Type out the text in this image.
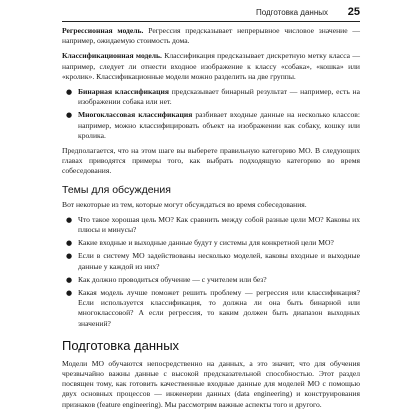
Подготовка данных 25

Регрессионная модель. Регрессия предсказывает непрерывное числовое значение — например, ожидаемую стоимость дома.

Классификационная модель. Классификация предсказывает дискретную метку класса — например, следует ли отнести входное изображение к классу «собака», «кошка» или «кролик». Классификационные модели можно разделить на две группы.

● Бинарная классификация предсказывает бинарный результат — например, есть на изображении собака или нет.
● Многоклассовая классификация разбивает входные данные на несколько классов: например, можно классифицировать объект на изображении как собаку, кошку или кролика.

Предполагается, что на этом шаге вы выберете правильную категорию МО. В следующих главах приводятся примеры того, как выбрать подходящую категорию во время собеседования.

Темы для обсуждения

Вот некоторые из тем, которые могут обсуждаться во время собеседования.

● Что такое хорошая цель МО? Как сравнить между собой разные цели МО? Каковы их плюсы и минусы?
● Какие входные и выходные данные будут у системы для конкретной цели МО?
● Если в систему МО задействованы несколько моделей, каковы входные и выходные данные у каждой из них?
● Как должно проводиться обучение — с учителем или без?
● Какая модель лучше поможет решить проблему — регрессия или классификация? Если используется классификация, то должна ли она быть бинарной или многоклассовой? А если регрессия, то каким должен быть диапазон выходных значений?
Подготовка данных

Модели МО обучаются непосредственно на данных, а это значит, что для обучения чрезвычайно важны данные с высокой предсказательной способностью. Этот раздел посвящен тому, как готовить качественные входные данные для моделей МО с помощью двух основных процессов — инженерии данных (data engineering) и конструирования признаков (feature engineering). Мы рассмотрим важные аспекты того и другого.
